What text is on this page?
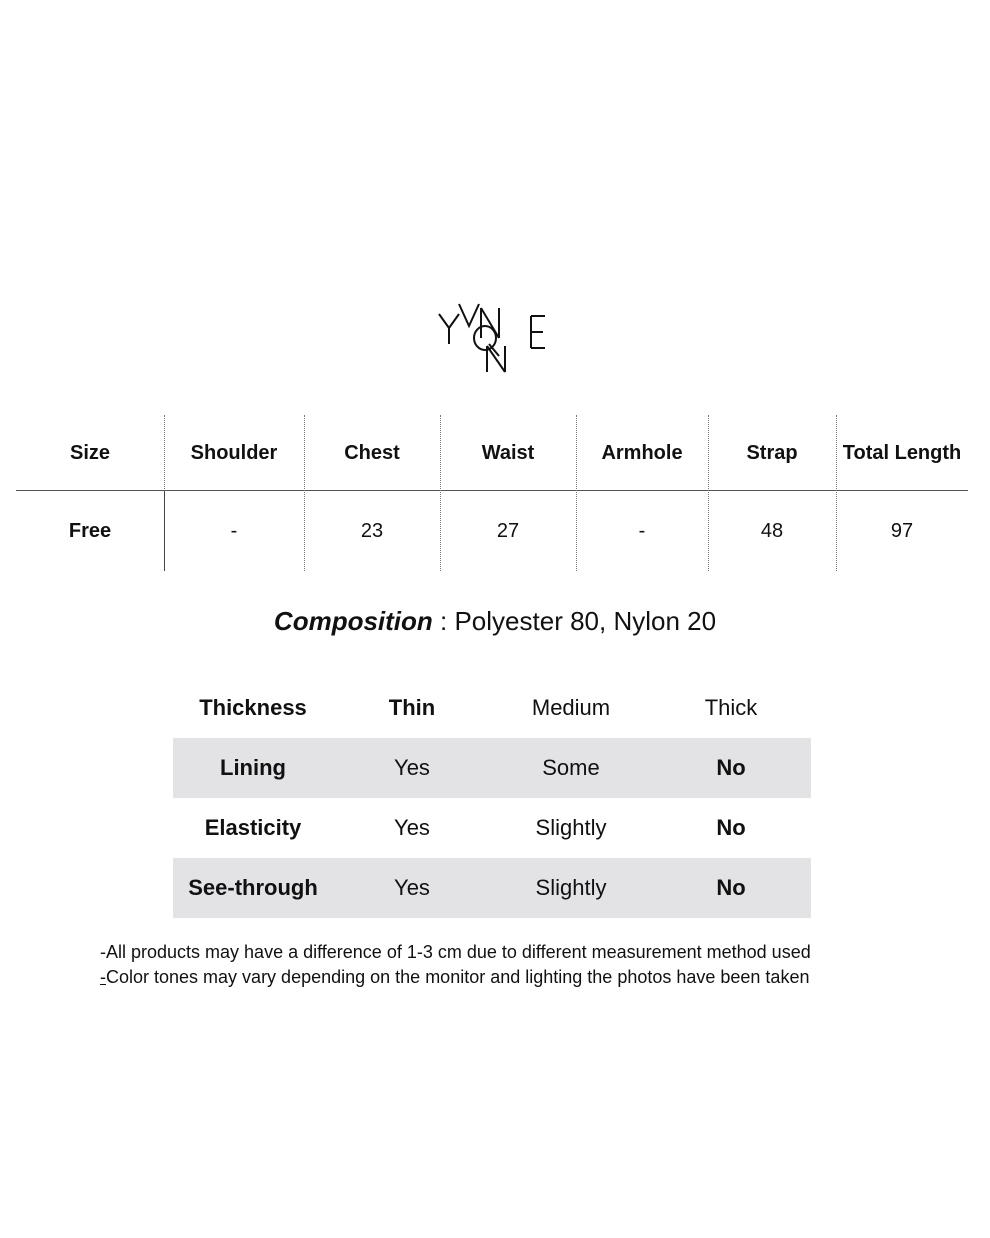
Size	Shoulder	Chest	Waist	Armhole	Strap	Total Length
Free	-	23	27	-	48	97
Composition : Polyester 80, Nylon 20
Thickness	Thin	Medium	Thick
Lining	Yes	Some	No
Elasticity	Yes	Slightly	No
See-through	Yes	Slightly	No
-All products may have a difference of 1-3 cm due to different measurement method used
-Color tones may vary depending on the monitor and lighting the photos have been taken
